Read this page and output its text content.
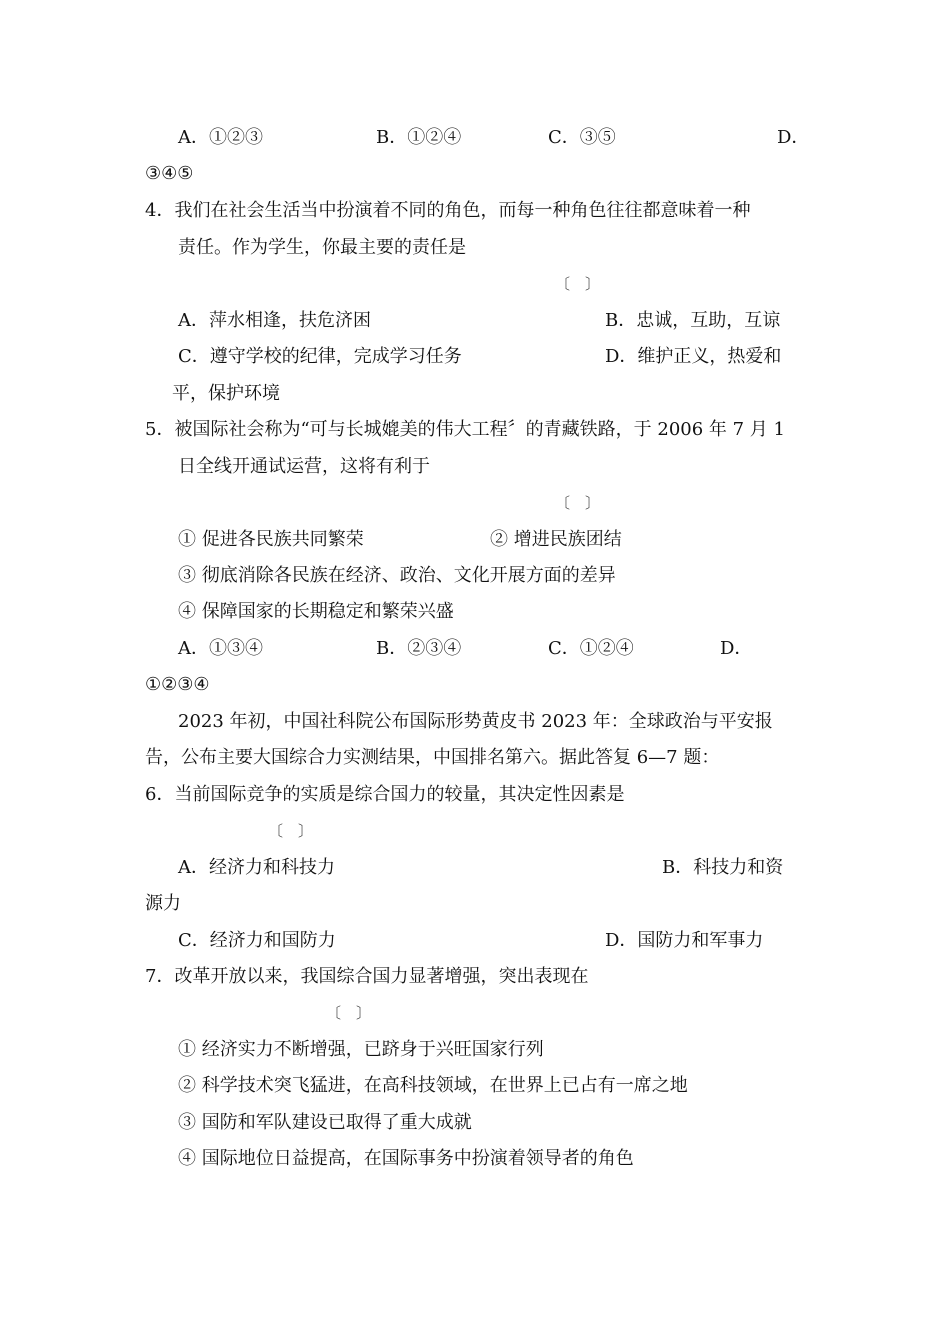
A．①②③	B．①②④	C．③⑤	D．
③④⑤
4．我们在社会生活当中扮演着不同的角色，而每一种角色往往都意味着一种
责任。作为学生，你最主要的责任是
〔　〕
A．萍水相逢，扶危济困	B．忠诚，互助，互谅
C．遵守学校的纪律，完成学习任务	D．维护正义，热爱和
平，保护环境
5．被国际社会称为“可与长城媲美的伟大工程〞的青藏铁路，于 2006 年 7 月 1
日全线开通试运营，这将有利于
〔　〕
① 促进各民族共同繁荣	② 增进民族团结
③ 彻底消除各民族在经济、政治、文化开展方面的差异
④ 保障国家的长期稳定和繁荣兴盛
A．①③④	B．②③④	C．①②④	D．
①②③④
2023 年初，中国社科院公布国际形势黄皮书 2023 年：全球政治与平安报
告，公布主要大国综合力实测结果，中国排名第六。据此答复 6—7 题：
6．当前国际竞争的实质是综合国力的较量，其决定性因素是
〔　〕
A．经济力和科技力	B．科技力和资
源力
C．经济力和国防力	D．国防力和军事力
7．改革开放以来，我国综合国力显著增强，突出表现在
〔　〕
① 经济实力不断增强，已跻身于兴旺国家行列
② 科学技术突飞猛进，在高科技领域，在世界上已占有一席之地
③ 国防和军队建设已取得了重大成就
④ 国际地位日益提高，在国际事务中扮演着领导者的角色
